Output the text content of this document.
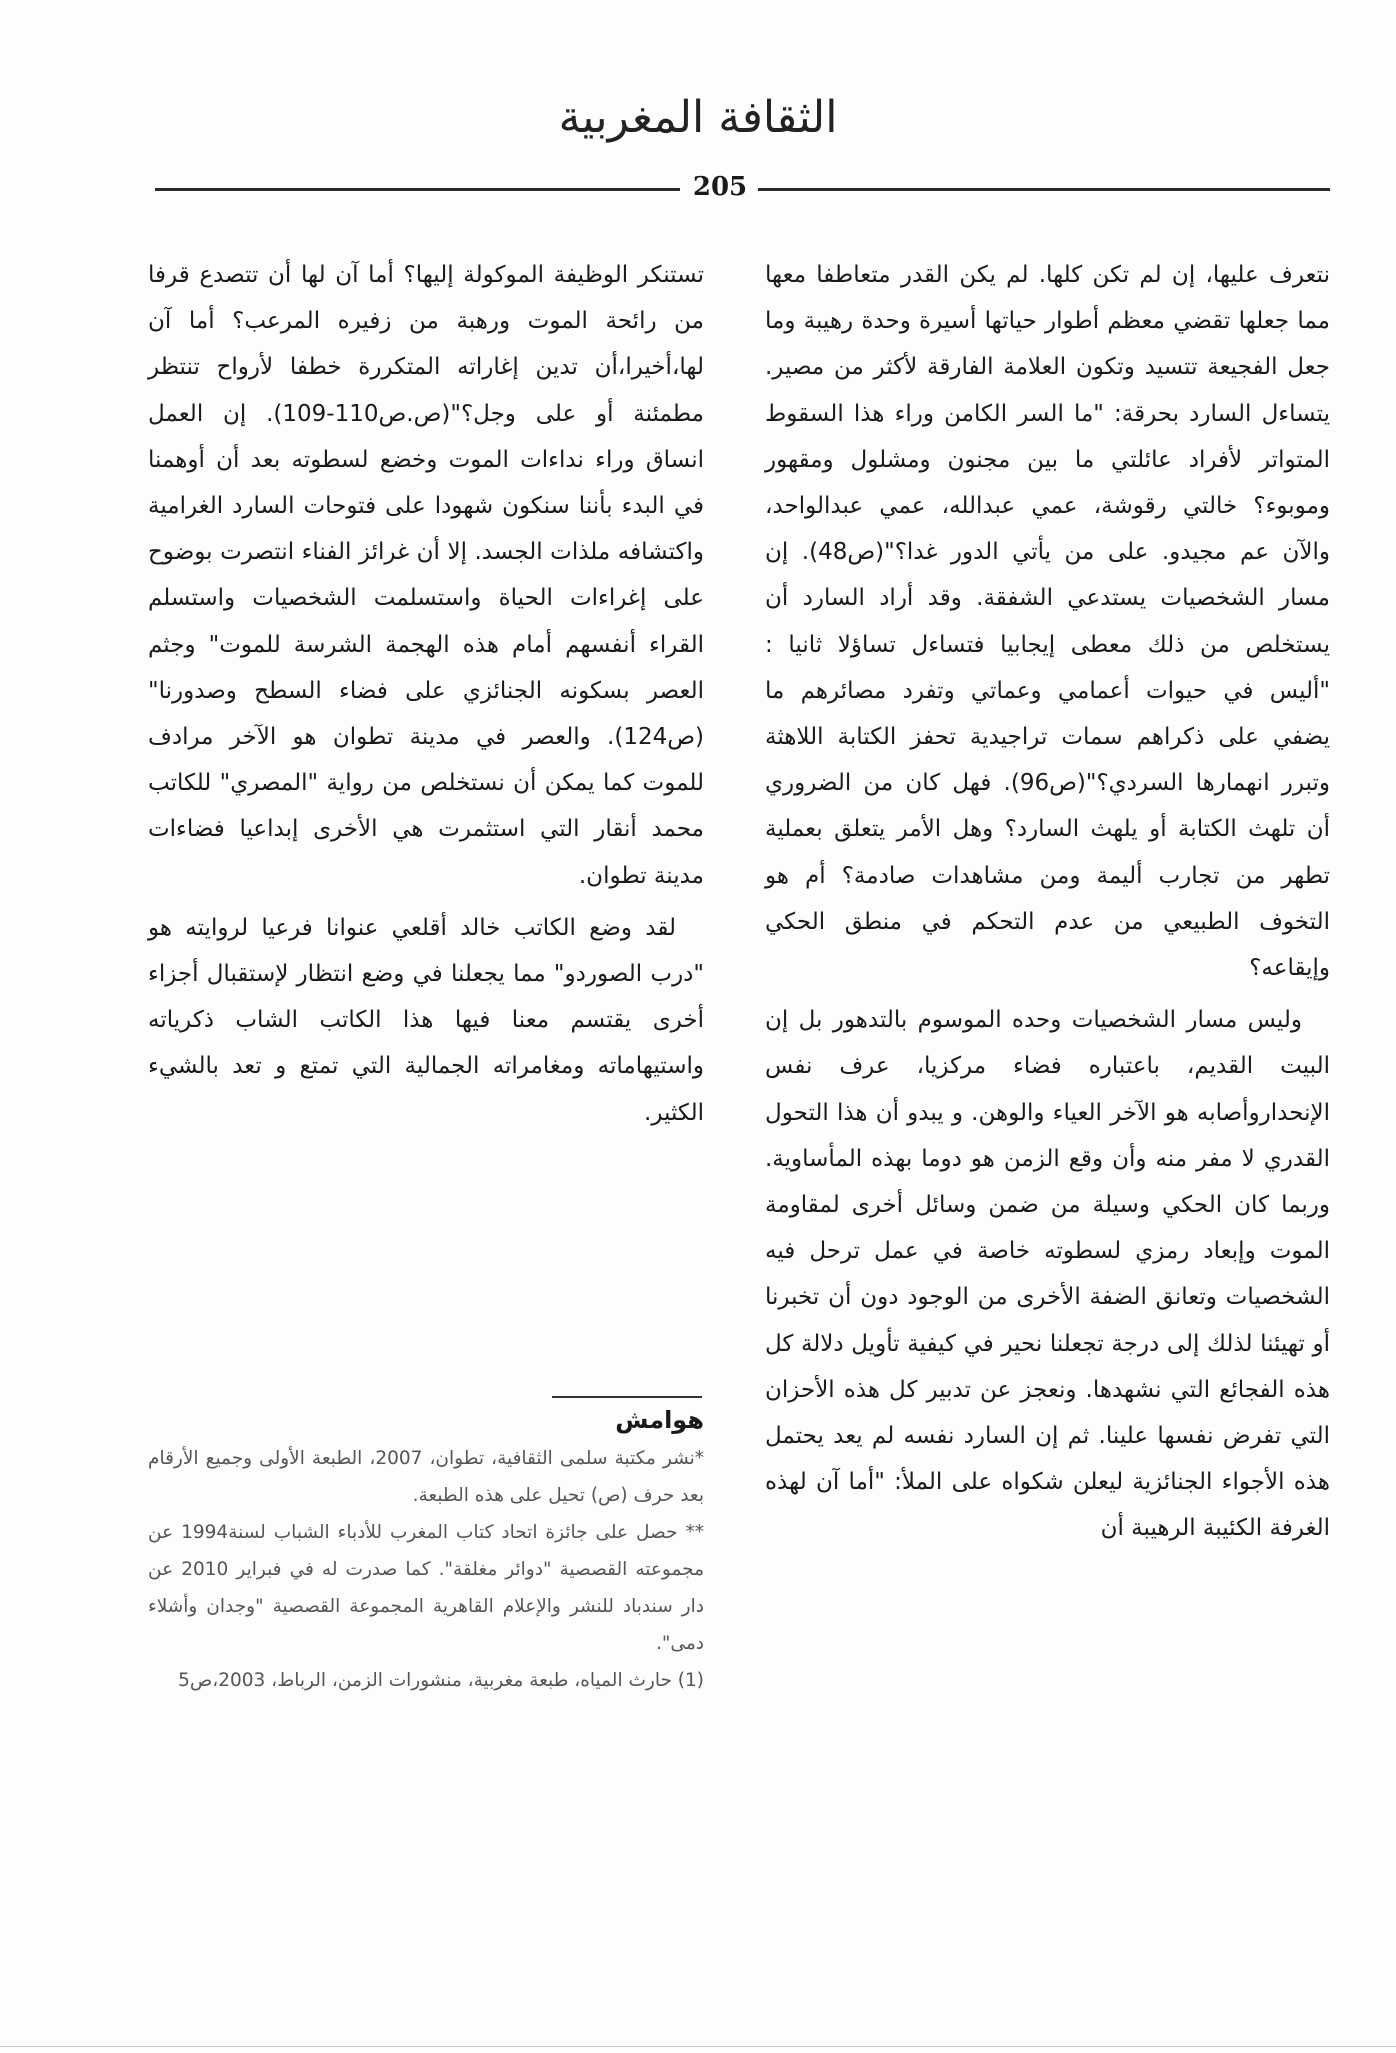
الثقافة المغربية
205

نتعرف عليها، إن لم تكن كلها. لم يكن القدر متعاطفا معها مما جعلها تقضي معظم أطوار حياتها أسيرة وحدة رهيبة وما جعل الفجيعة تتسيد وتكون العلامة الفارقة لأكثر من مصير. يتساءل السارد بحرقة: "ما السر الكامن وراء هذا السقوط المتواتر لأفراد عائلتي ما بين مجنون ومشلول ومقهور وموبوء؟ خالتي رقوشة، عمي عبدالله، عمي عبدالواحد، والآن عم مجيدو. على من يأتي الدور غدا؟"(ص48). إن مسار الشخصيات يستدعي الشفقة. وقد أراد السارد أن يستخلص من ذلك معطى إيجابيا فتساءل تساؤلا ثانيا : "أليس في حيوات أعمامي وعماتي وتفرد مصائرهم ما يضفي على ذكراهم سمات تراجيدية تحفز الكتابة اللاهثة وتبرر انهمارها السردي؟"(ص96). فهل كان من الضروري أن تلهث الكتابة أو يلهث السارد؟ وهل الأمر يتعلق بعملية تطهر من تجارب أليمة ومن مشاهدات صادمة؟ أم هو التخوف الطبيعي من عدم التحكم في منطق الحكي وإيقاعه؟

وليس مسار الشخصيات وحده الموسوم بالتدهور بل إن البيت القديم، باعتباره فضاء مركزيا، عرف نفس الإنحداروأصابه هو الآخر العياء والوهن. و يبدو أن هذا التحول القدري لا مفر منه وأن وقع الزمن هو دوما بهذه المأساوية. وربما كان الحكي وسيلة من ضمن وسائل أخرى لمقاومة الموت وإبعاد رمزي لسطوته خاصة في عمل ترحل فيه الشخصيات وتعانق الضفة الأخرى من الوجود دون أن تخبرنا أو تهيئنا لذلك إلى درجة تجعلنا نحير في كيفية تأويل دلالة كل هذه الفجائع التي نشهدها. ونعجز عن تدبير كل هذه الأحزان التي تفرض نفسها علينا. ثم إن السارد نفسه لم يعد يحتمل هذه الأجواء الجنائزية ليعلن شكواه على الملأ: "أما آن لهذه الغرفة الكئيبة الرهيبة أن

تستنكر الوظيفة الموكولة إليها؟ أما آن لها أن تتصدع قرفا من رائحة الموت ورهبة من زفيره المرعب؟ أما آن لها،أخيرا،أن تدين إغاراته المتكررة خطفا لأرواح تنتظر مطمئنة أو على وجل؟"(ص.ص110-109). إن العمل انساق وراء نداءات الموت وخضع لسطوته بعد أن أوهمنا في البدء بأننا سنكون شهودا على فتوحات السارد الغرامية واكتشافه ملذات الجسد. إلا أن غرائز الفناء انتصرت بوضوح على إغراءات الحياة واستسلمت الشخصيات واستسلم القراء أنفسهم أمام هذه الهجمة الشرسة للموت" وجثم العصر بسكونه الجنائزي على فضاء السطح وصدورنا"(ص124). والعصر في مدينة تطوان هو الآخر مرادف للموت كما يمكن أن نستخلص من رواية "المصري" للكاتب محمد أنقار التي استثمرت هي الأخرى إبداعيا فضاءات مدينة تطوان.

لقد وضع الكاتب خالد أقلعي عنوانا فرعيا لروايته هو "درب الصوردو" مما يجعلنا في وضع انتظار لإستقبال أجزاء أخرى يقتسم معنا فيها هذا الكاتب الشاب ذكرياته واستيهاماته ومغامراته الجمالية التي تمتع و تعد بالشيء الكثير.

هوامش

*نشر مكتبة سلمى الثقافية، تطوان، 2007، الطبعة الأولى وجميع الأرقام بعد حرف (ص) تحيل على هذه الطبعة.

** حصل على جائزة اتحاد كتاب المغرب للأدباء الشباب لسنة1994 عن مجموعته القصصية "دوائر مغلقة". كما صدرت له في فبراير 2010 عن دار سندباد للنشر والإعلام القاهرية المجموعة القصصية "وجدان وأشلاء دمى".

(1) حارث المياه، طبعة مغربية، منشورات الزمن، الرباط، 2003،ص5
